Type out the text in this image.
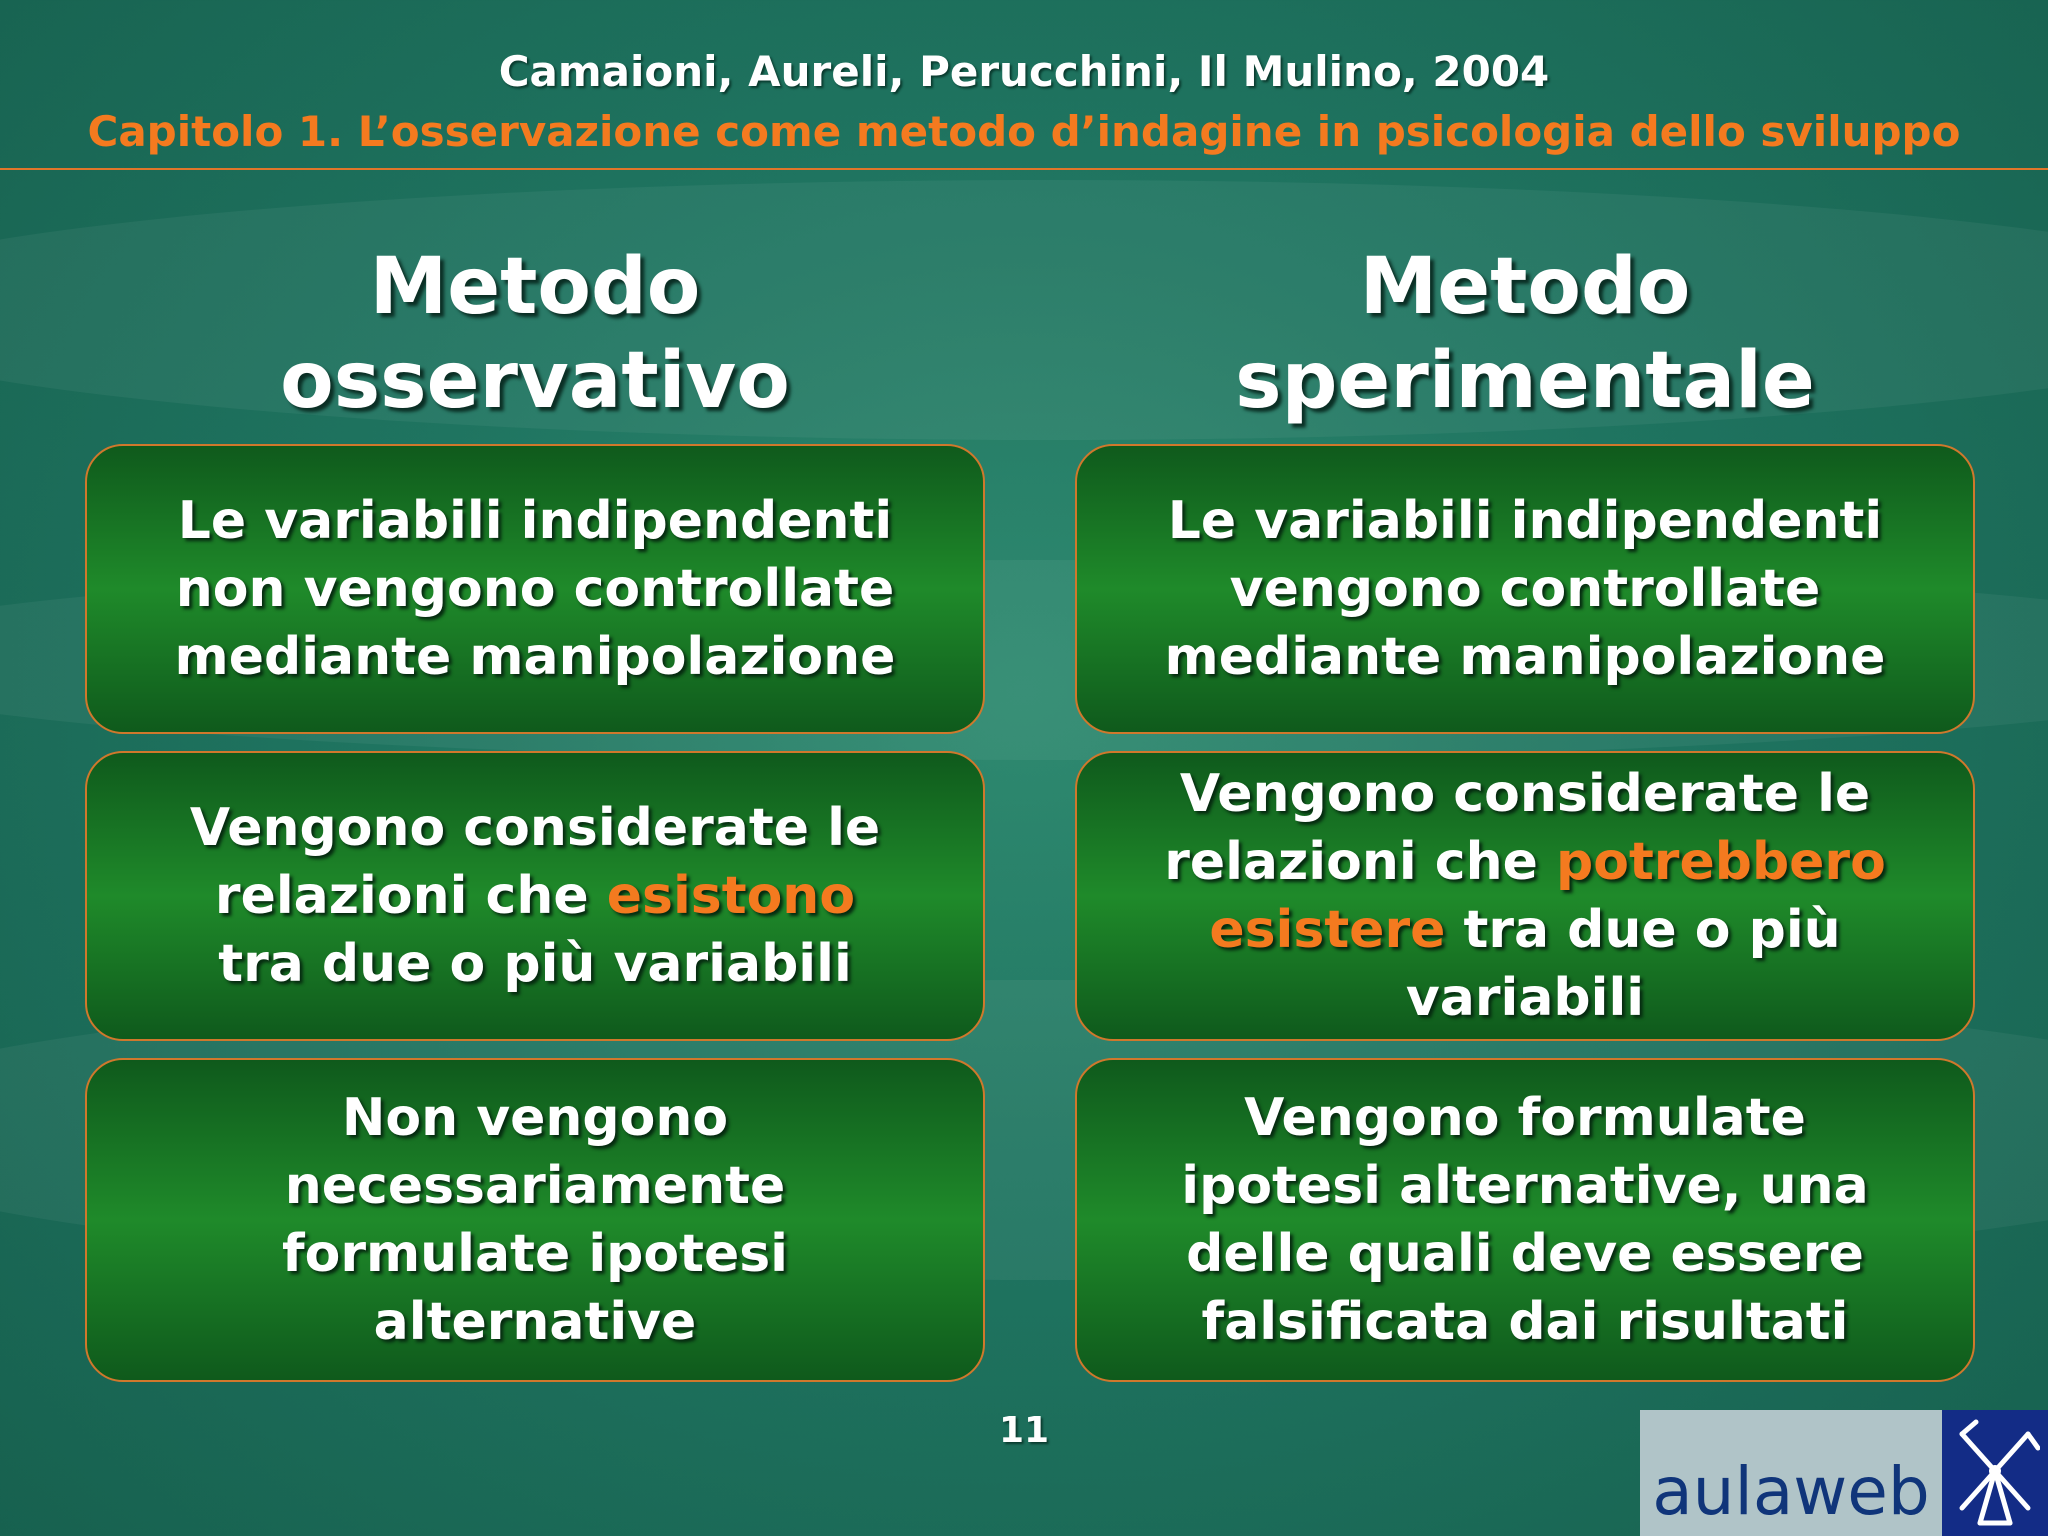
Camaioni, Aureli, Perucchini, Il Mulino, 2004
Capitolo 1. L’osservazione come metodo d’indagine in psicologia dello sviluppo
Metodo
osservativo
Metodo
sperimentale
Le variabili indipendenti
non vengono controllate
mediante manipolazione
Vengono considerate le
relazioni che esistono
tra due o più variabili
Non vengono
necessariamente
formulate ipotesi
alternative
Le variabili indipendenti
vengono controllate
mediante manipolazione
Vengono considerate le
relazioni che potrebbero
esistere tra due o più
variabili
Vengono formulate
ipotesi alternative, una
delle quali deve essere
falsificata dai risultati
11
aulaweb
